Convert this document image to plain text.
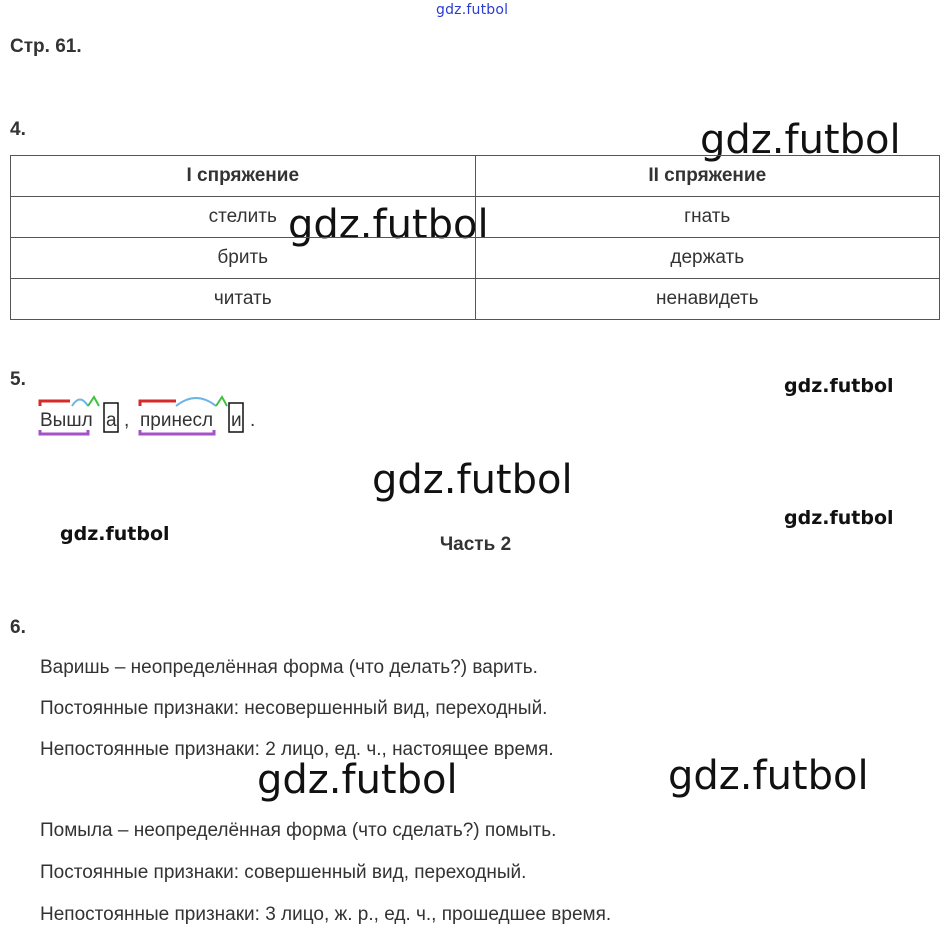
gdz.futbol
gdz.futbol
gdz.futbol
gdz.futbol
gdz.futbol
gdz.futbol
gdz.futbol
gdz.futbol	gdz.futbol
Стр. 61.
4.
I спряжение	II спряжение
стелить	гнать
брить	держать
читать	ненавидеть
5.
Вышл а , принесл и .
Часть 2
6.
Варишь – неопределённая форма (что делать?) варить.
Постоянные признаки: несовершенный вид, переходный.
Непостоянные признаки: 2 лицо, ед. ч., настоящее время.
Помыла – неопределённая форма (что сделать?) помыть.
Постоянные признаки: совершенный вид, переходный.
Непостоянные признаки: 3 лицо, ж. р., ед. ч., прошедшее время.
